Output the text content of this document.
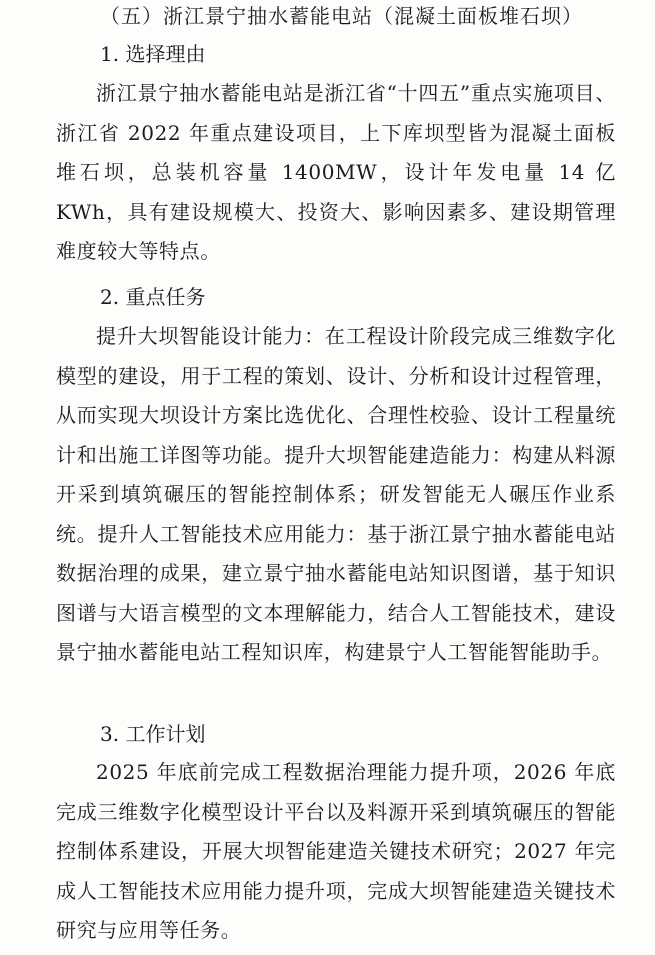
（五）浙江景宁抽水蓄能电站（混凝土面板堆石坝）
1. 选择理由

浙江景宁抽水蓄能电站是浙江省“十四五”重点实施项目、浙江省 2022 年重点建设项目，上下库坝型皆为混凝土面板堆石坝，总装机容量 1400MW，设计年发电量 14 亿 KWh，具有建设规模大、投资大、影响因素多、建设期管理难度较大等特点。

2. 重点任务

提升大坝智能设计能力：在工程设计阶段完成三维数字化模型的建设，用于工程的策划、设计、分析和设计过程管理，从而实现大坝设计方案比选优化、合理性校验、设计工程量统计和出施工详图等功能。提升大坝智能建造能力：构建从料源开采到填筑碾压的智能控制体系；研发智能无人碾压作业系统。提升人工智能技术应用能力：基于浙江景宁抽水蓄能电站数据治理的成果，建立景宁抽水蓄能电站知识图谱，基于知识图谱与大语言模型的文本理解能力，结合人工智能技术，建设景宁抽水蓄能电站工程知识库，构建景宁人工智能智能助手。

3. 工作计划

2025 年底前完成工程数据治理能力提升项，2026 年底完成三维数字化模型设计平台以及料源开采到填筑碾压的智能控制体系建设，开展大坝智能建造关键技术研究；2027 年完成人工智能技术应用能力提升项，完成大坝智能建造关键技术研究与应用等任务。
